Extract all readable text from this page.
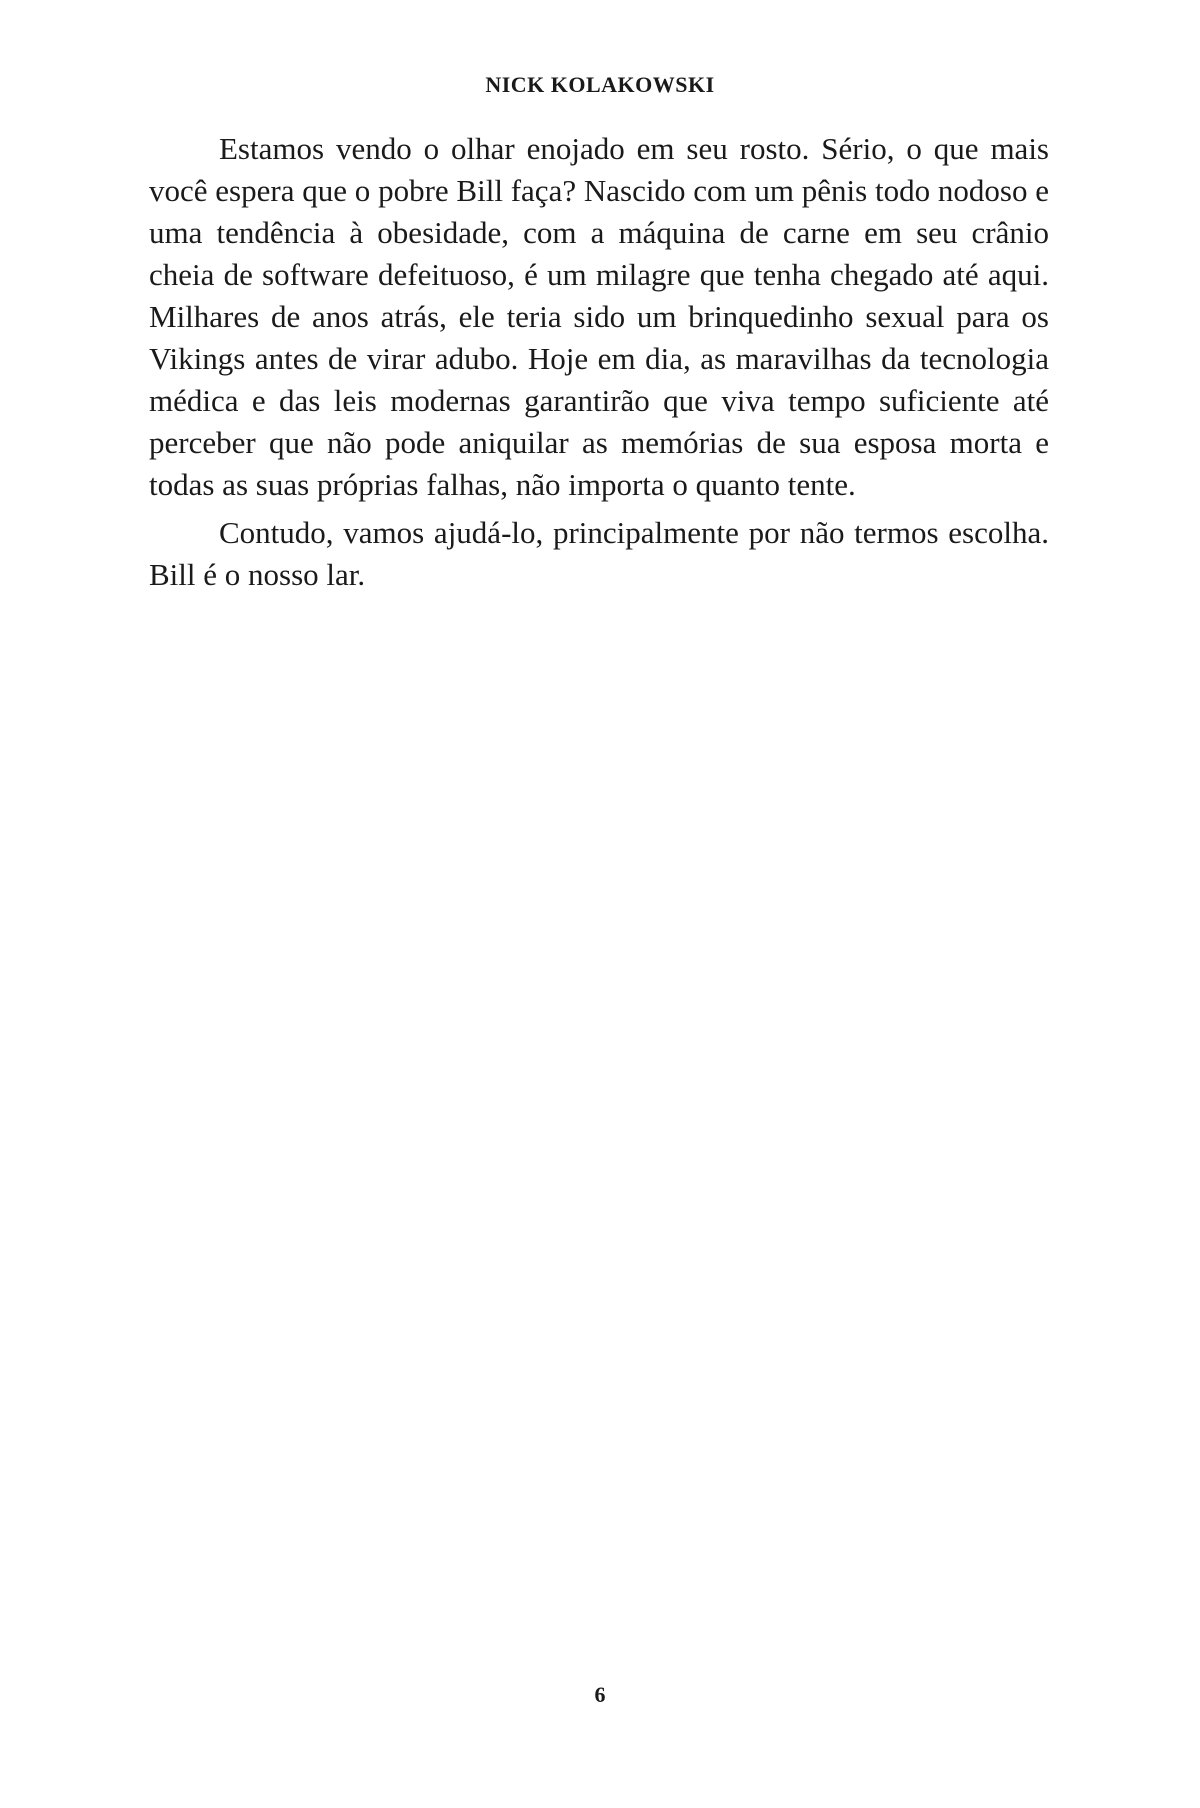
NICK KOLAKOWSKI

Estamos vendo o olhar enojado em seu rosto. Sério, o que mais você espera que o pobre Bill faça? Nascido com um pênis todo nodoso e uma tendência à obesidade, com a máquina de carne em seu crânio cheia de software defeituoso, é um milagre que tenha chegado até aqui. Milhares de anos atrás, ele teria sido um brinquedinho sexual para os Vikings antes de virar adubo. Hoje em dia, as maravilhas da tecnologia médica e das leis modernas garantirão que viva tempo suficiente até perceber que não pode aniquilar as memórias de sua esposa morta e todas as suas próprias falhas, não importa o quanto tente.

Contudo, vamos ajudá-lo, principalmente por não termos escolha. Bill é o nosso lar.

6
